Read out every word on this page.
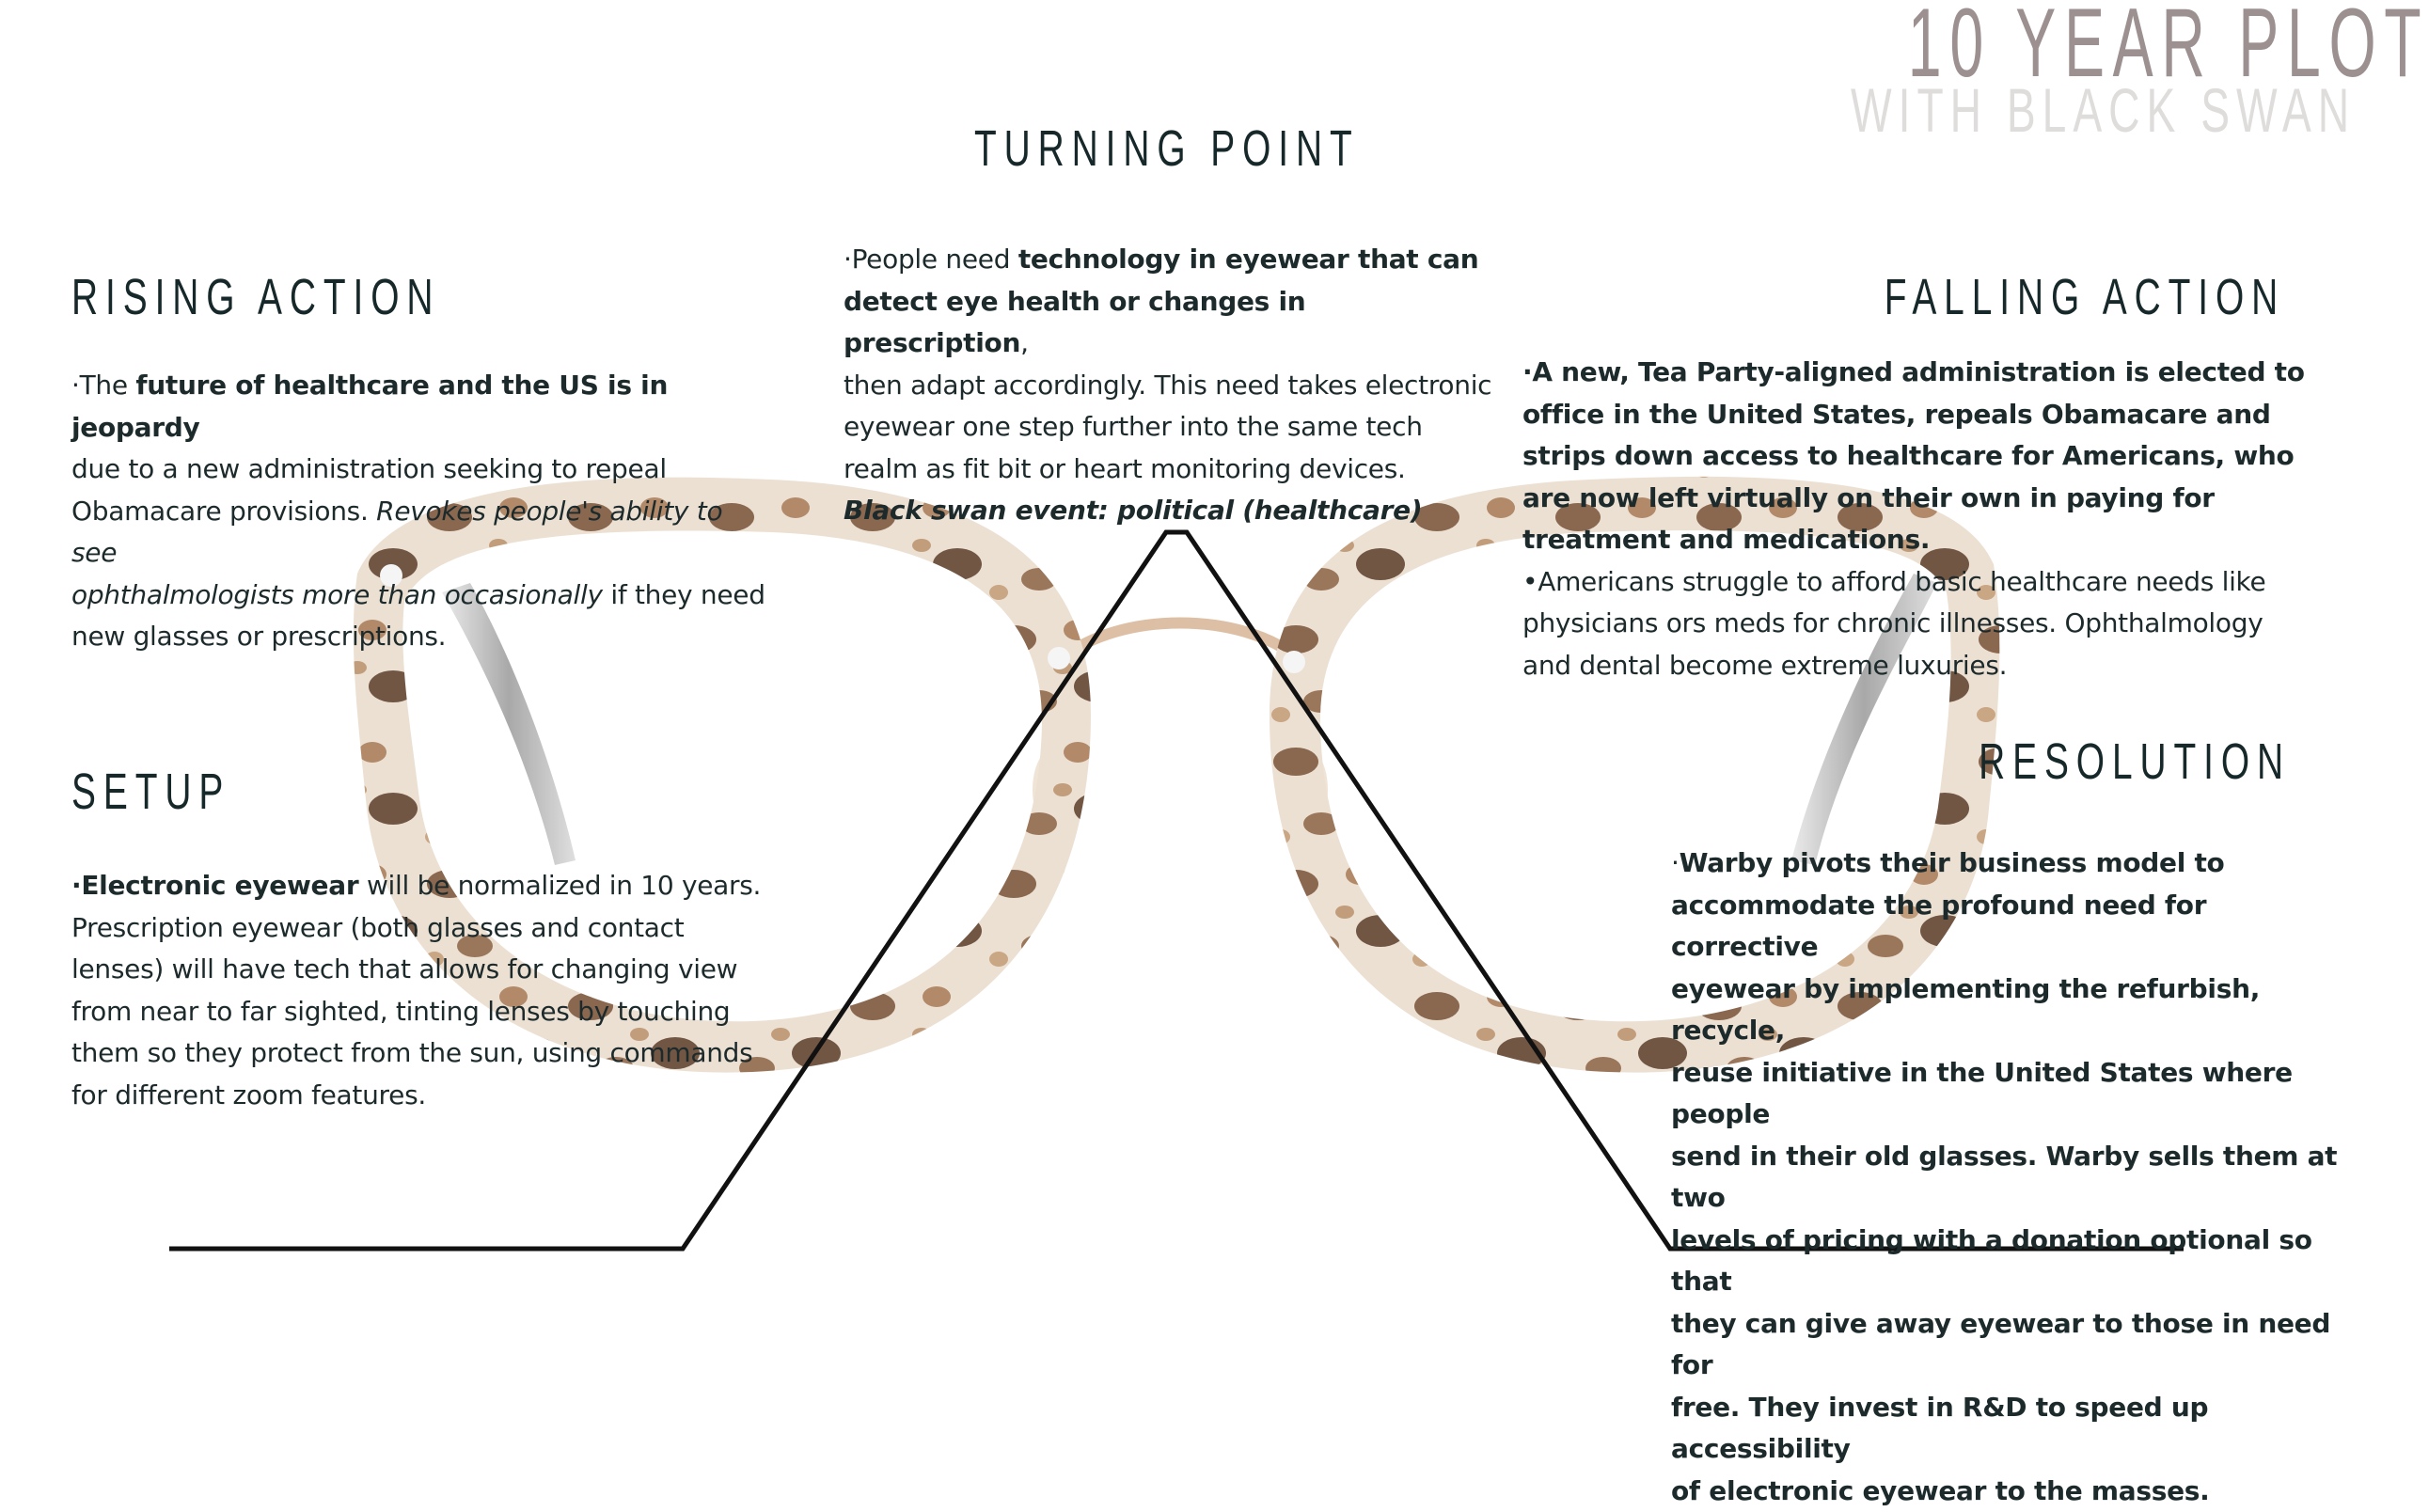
10 YEAR PLOT
WITH BLACK SWAN
TURNING POINT

·People need technology in eyewear that can

detect eye health or changes in prescription,

then adapt accordingly. This need takes electronic

eyewear one step further into the same tech

realm as fit bit or heart monitoring devices.

Black swan event: political (healthcare)

RISING ACTION

·The future of healthcare and the US is in jeopardy

due to a new administration seeking to repeal

Obamacare provisions. Revokes people's ability to see

ophthalmologists more than occasionally if they need

new glasses or prescriptions.

FALLING ACTION

·A new, Tea Party-aligned administration is elected to

office in the United States, repeals Obamacare and

strips down access to healthcare for Americans, who

are now left virtually on their own in paying for

treatment and medications.

•Americans struggle to afford basic healthcare needs like

physicians ors meds for chronic illnesses. Ophthalmology

and dental become extreme luxuries.

SETUP

·Electronic eyewear will be normalized in 10 years.

Prescription eyewear (both glasses and contact

lenses) will have tech that allows for changing view

from near to far sighted, tinting lenses by touching

them so they protect from the sun, using commands

for different zoom features.

RESOLUTION

·Warby pivots their business model to

accommodate the profound need for corrective

eyewear by implementing the refurbish, recycle,

reuse initiative in the United States where people

send in their old glasses. Warby sells them at two

levels of pricing with a donation optional so that

they can give away eyewear to those in need for

free. They invest in R&D to speed up accessibility

of electronic eyewear to the masses.
